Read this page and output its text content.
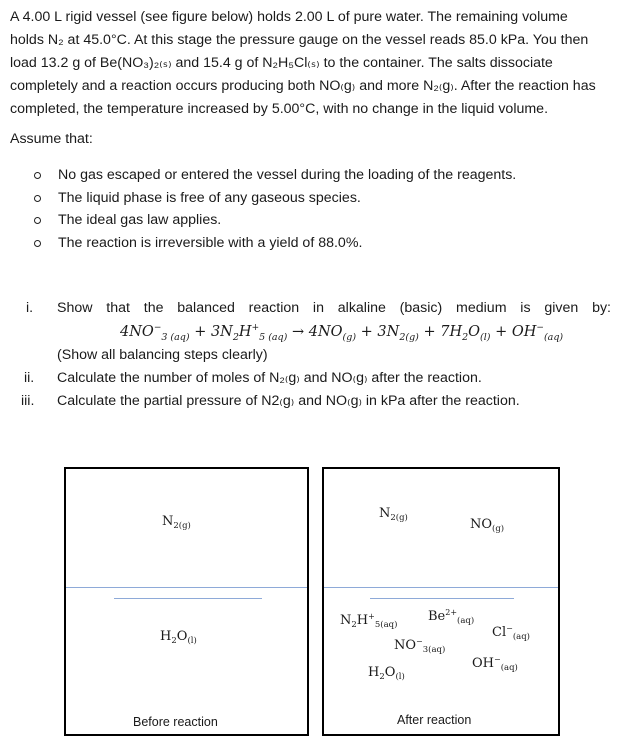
A 4.00 L rigid vessel (see figure below) holds 2.00 L of pure water. The remaining volume
holds N₂ at 45.0°C. At this stage the pressure gauge on the vessel reads 85.0 kPa. You then
load 13.2 g of Be(NO₃)₂₍ₛ₎ and 15.4 g of N₂H₅Cl₍ₛ₎ to the container. The salts dissociate
completely and a reaction occurs producing both NO₍g₎ and more N₂₍g₎. After the reaction has
completed, the temperature increased by 5.00°C, with no change in the liquid volume.
Assume that:
No gas escaped or entered the vessel during the loading of the reagents.
The liquid phase is free of any gaseous species.
The ideal gas law applies.
The reaction is irreversible with a yield of 88.0%.
i. Show that the balanced reaction in alkaline (basic) medium is given by:
$4NO^-_{3 (aq)} + 3N_2H^+_{5 (aq)} \to 4NO_{(g)} + 3N_{2(g)} + 7H_2O_{(l)} + OH^-_{(aq)}$
(Show all balancing steps clearly)
ii. Calculate the number of moles of N₂₍g₎ and NO₍g₎ after the reaction.
iii. Calculate the partial pressure of N2₍g₎ and NO₍g₎ in kPa after the reaction.
$N_{2(g)}$
$H_2O_{(l)}$
Before reaction
$N_{2(g)}$	$NO_{(g)}$
$N_2H^+_{5(aq)}$
$Be^{2+}_{(aq)}$
$Cl^-_{(aq)}$
$NO^-_{3(aq)}$
$OH^-_{(aq)}$
$H_2O_{(l)}$
After reaction
